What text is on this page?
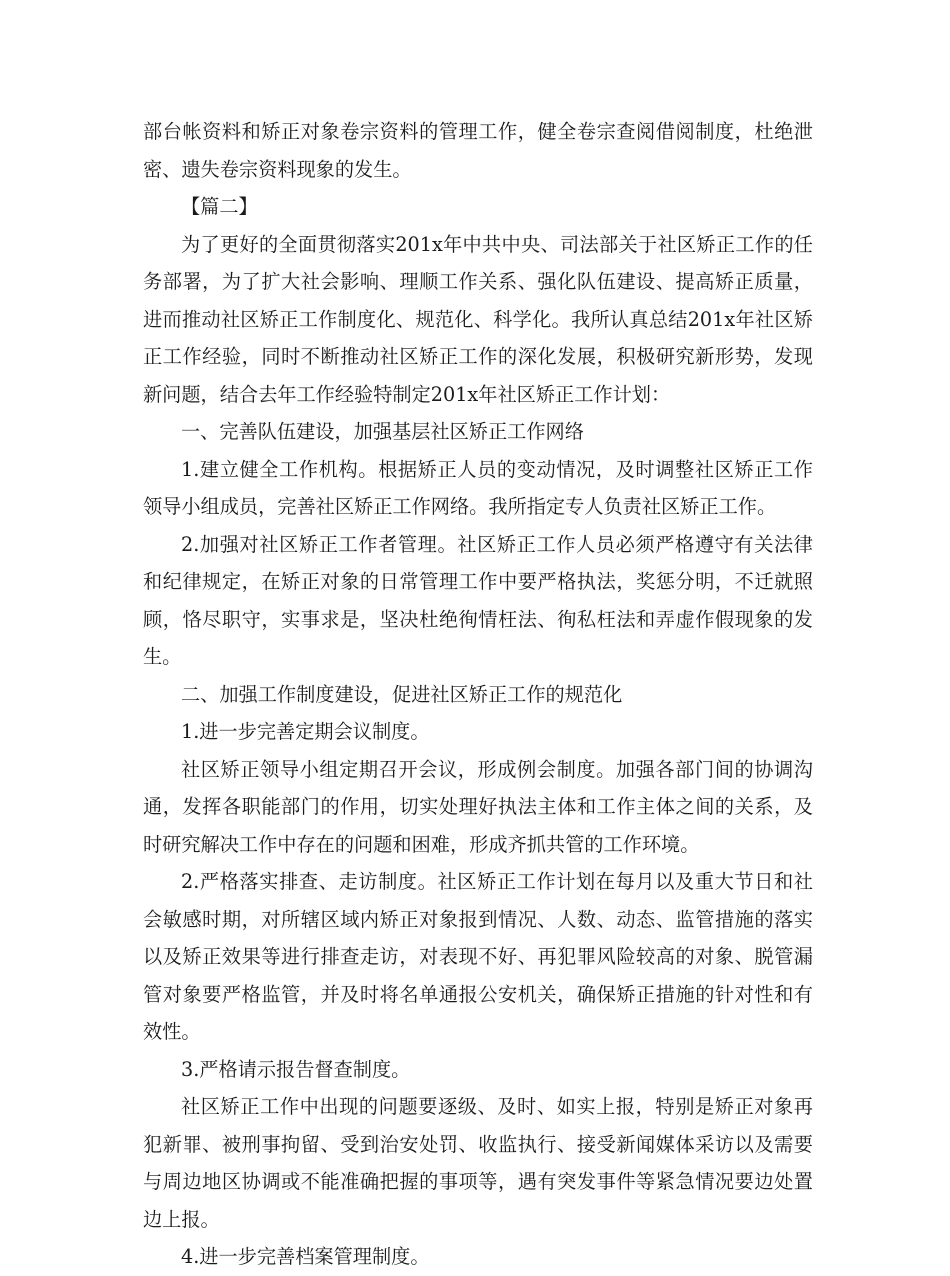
部台帐资料和矫正对象卷宗资料的管理工作，健全卷宗查阅借阅制度，杜绝泄密、遗失卷宗资料现象的发生。

【篇二】

为了更好的全面贯彻落实201x年中共中央、司法部关于社区矫正工作的任务部署，为了扩大社会影响、理顺工作关系、强化队伍建设、提高矫正质量，进而推动社区矫正工作制度化、规范化、科学化。我所认真总结201x年社区矫正工作经验，同时不断推动社区矫正工作的深化发展，积极研究新形势，发现新问题，结合去年工作经验特制定201x年社区矫正工作计划：

一、完善队伍建设，加强基层社区矫正工作网络

1.建立健全工作机构。根据矫正人员的变动情况，及时调整社区矫正工作领导小组成员，完善社区矫正工作网络。我所指定专人负责社区矫正工作。

2.加强对社区矫正工作者管理。社区矫正工作人员必须严格遵守有关法律和纪律规定，在矫正对象的日常管理工作中要严格执法，奖惩分明，不迁就照顾，恪尽职守，实事求是，坚决杜绝徇情枉法、徇私枉法和弄虚作假现象的发生。

二、加强工作制度建设，促进社区矫正工作的规范化

1.进一步完善定期会议制度。

社区矫正领导小组定期召开会议，形成例会制度。加强各部门间的协调沟通，发挥各职能部门的作用，切实处理好执法主体和工作主体之间的关系，及时研究解决工作中存在的问题和困难，形成齐抓共管的工作环境。

2.严格落实排查、走访制度。社区矫正工作计划在每月以及重大节日和社会敏感时期，对所辖区域内矫正对象报到情况、人数、动态、监管措施的落实以及矫正效果等进行排查走访，对表现不好、再犯罪风险较高的对象、脱管漏管对象要严格监管，并及时将名单通报公安机关，确保矫正措施的针对性和有效性。

3.严格请示报告督查制度。

社区矫正工作中出现的问题要逐级、及时、如实上报，特别是矫正对象再犯新罪、被刑事拘留、受到治安处罚、收监执行、接受新闻媒体采访以及需要与周边地区协调或不能准确把握的事项等，遇有突发事件等紧急情况要边处置边上报。

4.进一步完善档案管理制度。
